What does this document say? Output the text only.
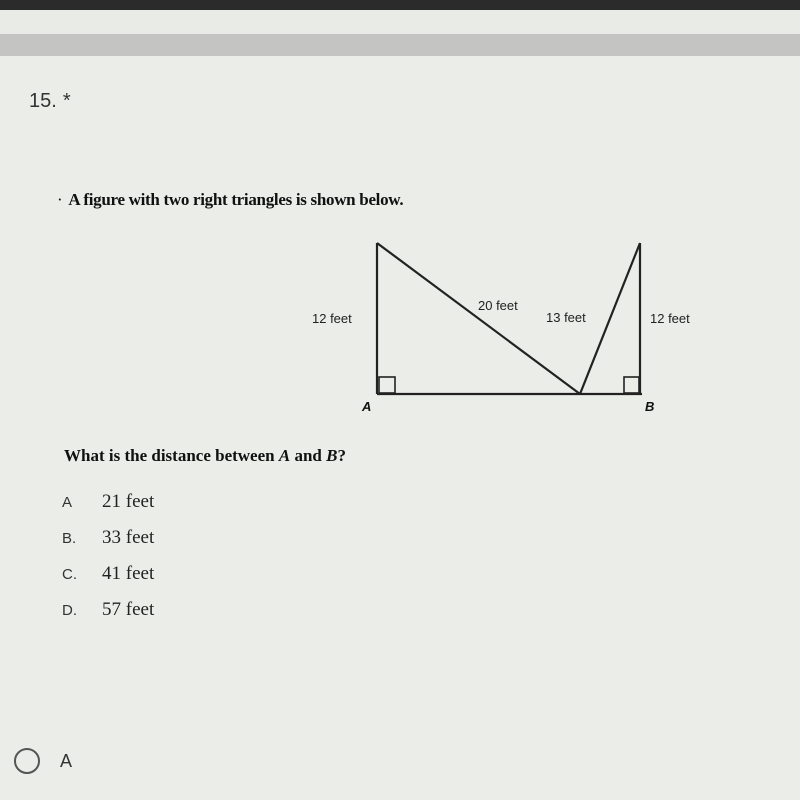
15. *
· A figure with two right triangles is shown below.
12 feet
20 feet
13 feet	12 feet
A	B
What is the distance between A and B?
A	21 feet
B.	33 feet
C.	41 feet
D.	57 feet
A
